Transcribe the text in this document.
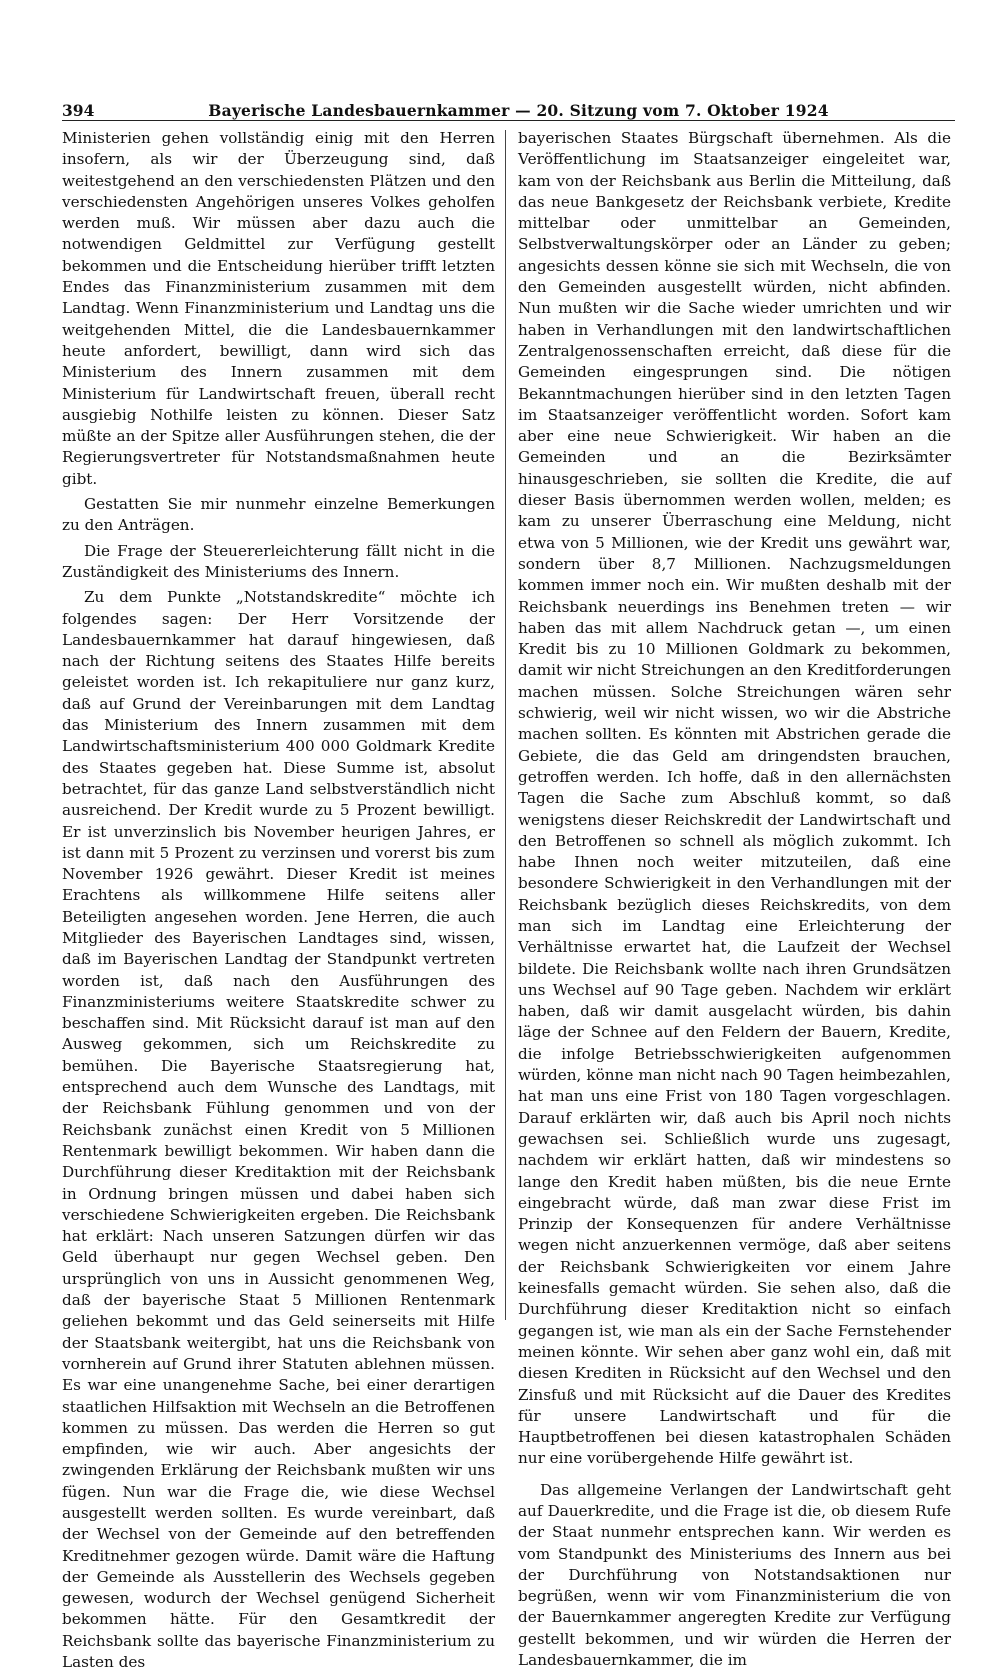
394	Bayerische Landesbauernkammer — 20. Sitzung vom 7. Oktober 1924

Ministerien gehen vollständig einig mit den Herren insofern, als wir der Überzeugung sind, daß weitestgehend an den verschiedensten Plätzen und den verschiedensten Angehörigen unseres Volkes geholfen werden muß. Wir müssen aber dazu auch die notwendigen Geldmittel zur Verfügung gestellt bekommen und die Entscheidung hierüber trifft letzten Endes das Finanzministerium zusammen mit dem Landtag. Wenn Finanzministerium und Landtag uns die weitgehenden Mittel, die die Landesbauernkammer heute anfordert, bewilligt, dann wird sich das Ministerium des Innern zusammen mit dem Ministerium für Landwirtschaft freuen, überall recht ausgiebig Nothilfe leisten zu können. Dieser Satz müßte an der Spitze aller Ausführungen stehen, die der Regierungsvertreter für Notstandsmaßnahmen heute gibt.

Gestatten Sie mir nunmehr einzelne Bemerkungen zu den Anträgen.

Die Frage der Steuererleichterung fällt nicht in die Zuständigkeit des Ministeriums des Innern.

Zu dem Punkte „Notstandskredite“ möchte ich folgendes sagen: Der Herr Vorsitzende der Landesbauernkammer hat darauf hingewiesen, daß nach der Richtung seitens des Staates Hilfe bereits geleistet worden ist. Ich rekapituliere nur ganz kurz, daß auf Grund der Vereinbarungen mit dem Landtag das Ministerium des Innern zusammen mit dem Landwirtschaftsministerium 400 000 Goldmark Kredite des Staates gegeben hat. Diese Summe ist, absolut betrachtet, für das ganze Land selbstverständlich nicht ausreichend. Der Kredit wurde zu 5 Prozent bewilligt. Er ist unverzinslich bis November heurigen Jahres, er ist dann mit 5 Prozent zu verzinsen und vorerst bis zum November 1926 gewährt. Dieser Kredit ist meines Erachtens als willkommene Hilfe seitens aller Beteiligten angesehen worden. Jene Herren, die auch Mitglieder des Bayerischen Landtages sind, wissen, daß im Bayerischen Landtag der Standpunkt vertreten worden ist, daß nach den Ausführungen des Finanzministeriums weitere Staatskredite schwer zu beschaffen sind. Mit Rücksicht darauf ist man auf den Ausweg gekommen, sich um Reichskredite zu bemühen. Die Bayerische Staatsregierung hat, entsprechend auch dem Wunsche des Landtags, mit der Reichsbank Fühlung genommen und von der Reichsbank zunächst einen Kredit von 5 Millionen Rentenmark bewilligt bekommen. Wir haben dann die Durchführung dieser Kreditaktion mit der Reichsbank in Ordnung bringen müssen und dabei haben sich verschiedene Schwierigkeiten ergeben. Die Reichsbank hat erklärt: Nach unseren Satzungen dürfen wir das Geld überhaupt nur gegen Wechsel geben. Den ursprünglich von uns in Aussicht genommenen Weg, daß der bayerische Staat 5 Millionen Rentenmark geliehen bekommt und das Geld seinerseits mit Hilfe der Staatsbank weitergibt, hat uns die Reichsbank von vornherein auf Grund ihrer Statuten ablehnen müssen. Es war eine unangenehme Sache, bei einer derartigen staatlichen Hilfsaktion mit Wechseln an die Betroffenen kommen zu müssen. Das werden die Herren so gut empfinden, wie wir auch. Aber angesichts der zwingenden Erklärung der Reichsbank mußten wir uns fügen. Nun war die Frage die, wie diese Wechsel ausgestellt werden sollten. Es wurde vereinbart, daß der Wechsel von der Gemeinde auf den betreffenden Kreditnehmer gezogen würde. Damit wäre die Haftung der Gemeinde als Ausstellerin des Wechsels gegeben gewesen, wodurch der Wechsel genügend Sicherheit bekommen hätte. Für den Gesamtkredit der Reichsbank sollte das bayerische Finanzministerium zu Lasten des

bayerischen Staates Bürgschaft übernehmen. Als die Veröffentlichung im Staatsanzeiger eingeleitet war, kam von der Reichsbank aus Berlin die Mitteilung, daß das neue Bankgesetz der Reichsbank verbiete, Kredite mittelbar oder unmittelbar an Gemeinden, Selbstverwaltungskörper oder an Länder zu geben; angesichts dessen könne sie sich mit Wechseln, die von den Gemeinden ausgestellt würden, nicht abfinden. Nun mußten wir die Sache wieder umrichten und wir haben in Verhandlungen mit den landwirtschaftlichen Zentralgenossenschaften erreicht, daß diese für die Gemeinden eingesprungen sind. Die nötigen Bekanntmachungen hierüber sind in den letzten Tagen im Staatsanzeiger veröffentlicht worden. Sofort kam aber eine neue Schwierigkeit. Wir haben an die Gemeinden und an die Bezirksämter hinausgeschrieben, sie sollten die Kredite, die auf dieser Basis übernommen werden wollen, melden; es kam zu unserer Überraschung eine Meldung, nicht etwa von 5 Millionen, wie der Kredit uns gewährt war, sondern über 8,7 Millionen. Nachzugsmeldungen kommen immer noch ein. Wir mußten deshalb mit der Reichsbank neuerdings ins Benehmen treten — wir haben das mit allem Nachdruck getan —, um einen Kredit bis zu 10 Millionen Goldmark zu bekommen, damit wir nicht Streichungen an den Kreditforderungen machen müssen. Solche Streichungen wären sehr schwierig, weil wir nicht wissen, wo wir die Abstriche machen sollten. Es könnten mit Abstrichen gerade die Gebiete, die das Geld am dringendsten brauchen, getroffen werden. Ich hoffe, daß in den allernächsten Tagen die Sache zum Abschluß kommt, so daß wenigstens dieser Reichskredit der Landwirtschaft und den Betroffenen so schnell als möglich zukommt. Ich habe Ihnen noch weiter mitzuteilen, daß eine besondere Schwierigkeit in den Verhandlungen mit der Reichsbank bezüglich dieses Reichskredits, von dem man sich im Landtag eine Erleichterung der Verhältnisse erwartet hat, die Laufzeit der Wechsel bildete. Die Reichsbank wollte nach ihren Grundsätzen uns Wechsel auf 90 Tage geben. Nachdem wir erklärt haben, daß wir damit ausgelacht würden, bis dahin läge der Schnee auf den Feldern der Bauern, Kredite, die infolge Betriebsschwierigkeiten aufgenommen würden, könne man nicht nach 90 Tagen heimbezahlen, hat man uns eine Frist von 180 Tagen vorgeschlagen. Darauf erklärten wir, daß auch bis April noch nichts gewachsen sei. Schließlich wurde uns zugesagt, nachdem wir erklärt hatten, daß wir mindestens so lange den Kredit haben müßten, bis die neue Ernte eingebracht würde, daß man zwar diese Frist im Prinzip der Konsequenzen für andere Verhältnisse wegen nicht anzuerkennen vermöge, daß aber seitens der Reichsbank Schwierigkeiten vor einem Jahre keinesfalls gemacht würden. Sie sehen also, daß die Durchführung dieser Kreditaktion nicht so einfach gegangen ist, wie man als ein der Sache Fernstehender meinen könnte. Wir sehen aber ganz wohl ein, daß mit diesen Krediten in Rücksicht auf den Wechsel und den Zinsfuß und mit Rücksicht auf die Dauer des Kredites für unsere Landwirtschaft und für die Hauptbetroffenen bei diesen katastrophalen Schäden nur eine vorübergehende Hilfe gewährt ist.

Das allgemeine Verlangen der Landwirtschaft geht auf Dauerkredite, und die Frage ist die, ob diesem Rufe der Staat nunmehr entsprechen kann. Wir werden es vom Standpunkt des Ministeriums des Innern aus bei der Durchführung von Notstandsaktionen nur begrüßen, wenn wir vom Finanzministerium die von der Bauernkammer angeregten Kredite zur Verfügung gestellt bekommen, und wir würden die Herren der Landesbauernkammer, die im
